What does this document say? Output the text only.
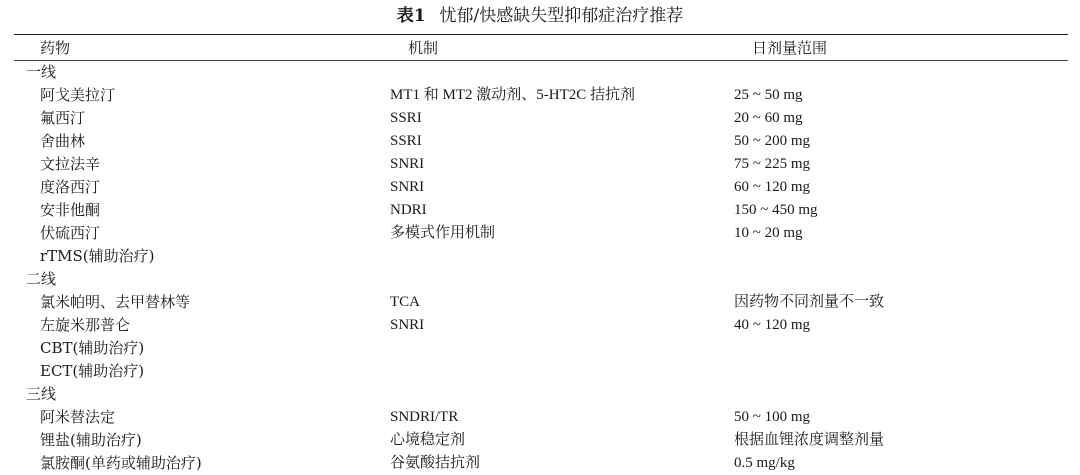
表1 忧郁/快感缺失型抑郁症治疗推荐
药物	机制	日剂量范围
一线
阿戈美拉汀	MT1 和 MT2 激动剂、5-HT2C 拮抗剂	25 ~ 50 mg
氟西汀	SSRI	20 ~ 60 mg
舍曲林	SSRI	50 ~ 200 mg
文拉法辛	SNRI	75 ~ 225 mg
度洛西汀	SNRI	60 ~ 120 mg
安非他酮	NDRI	150 ~ 450 mg
伏硫西汀	多模式作用机制	10 ~ 20 mg
rTMS(辅助治疗)
二线
氯米帕明、去甲替林等	TCA	因药物不同剂量不一致
左旋米那普仑	SNRI	40 ~ 120 mg
CBT(辅助治疗)
ECT(辅助治疗)
三线
阿米替法定	SNDRI/TR	50 ~ 100 mg
锂盐(辅助治疗)	心境稳定剂	根据血锂浓度调整剂量
氯胺酮(单药或辅助治疗)	谷氨酸拮抗剂	0.5 mg/kg
